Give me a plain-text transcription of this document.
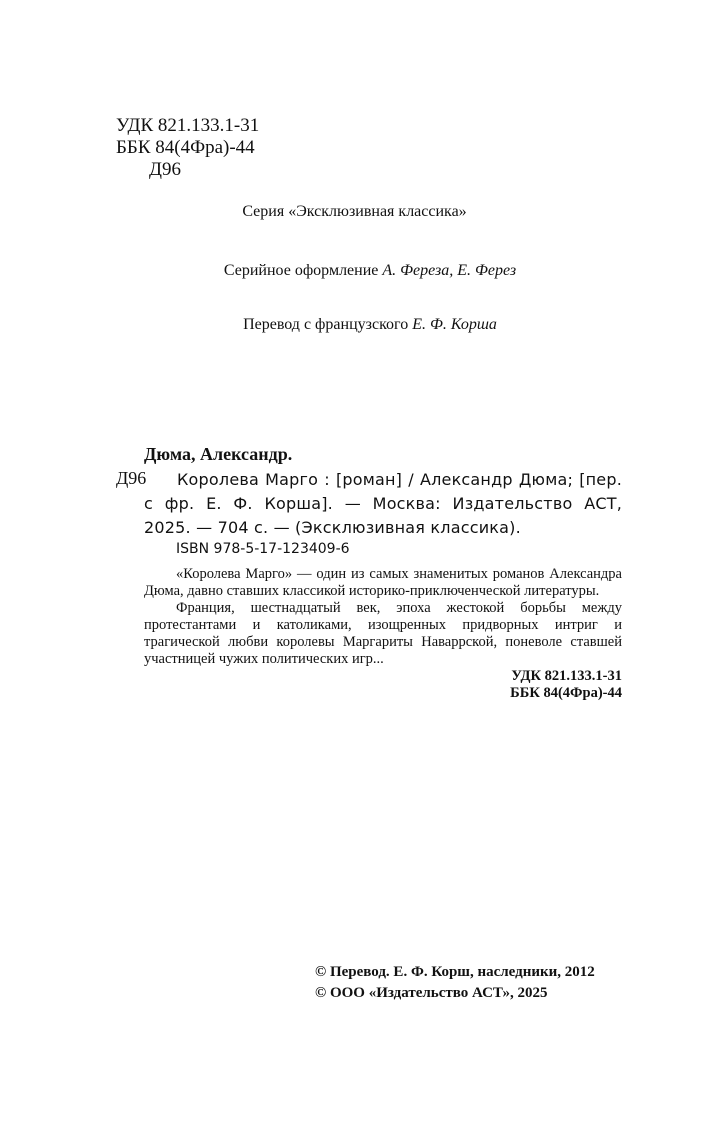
УДК 821.133.1-31
ББК 84(4Фра)-44
Д96
Серия «Эксклюзивная классика»
Серийное оформление А. Фереза, Е. Ферез
Перевод с французского Е. Ф. Корша
Дюма, Александр.
Д96	Королева Марго : [роман] / Александр Дюма; [пер.
с фр. Е. Ф. Корша]. — Москва: Издательство АСТ,
2025. — 704 с. — (Эксклюзивная классика).
ISBN 978-5-17-123409-6

«Королева Марго» — один из самых знаменитых романов Александра Дюма, давно ставших классикой историко-приключенческой литературы.

Франция, шестнадцатый век, эпоха жестокой борьбы между протестантами и католиками, изощренных придворных интриг и трагической любви королевы Маргариты Наваррской, поневоле ставшей участницей чужих политических игр...

УДК 821.133.1-31

ББК 84(4Фра)-44

© Перевод. Е. Ф. Корш, наследники, 2012
© ООО «Издательство АСТ», 2025
